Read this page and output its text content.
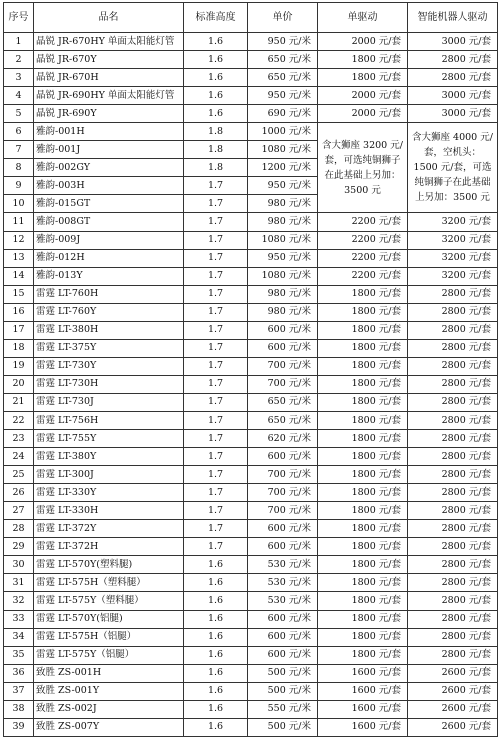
序号	品名	标准高度	单价	单驱动	智能机器人驱动
1	晶锐 JR-670HY 单面太阳能灯管	1.6	950 元/米	2000 元/套	3000 元/套
2	晶锐 JR-670Y	1.6	650 元/米	1800 元/套	2800 元/套
3	晶锐 JR-670H	1.6	650 元/米	1800 元/套	2800 元/套
4	晶锐 JR-690HY 单面太阳能灯管	1.6	950 元/米	2000 元/套	3000 元/套
5	晶锐 JR-690Y	1.6	690 元/米	2000 元/套	3000 元/套
6	雅韵-001H	1.8	1000 元/米	含大狮座 3200 元/套，可选纯铜狮子在此基础上另加：3500 元	含大狮座 4000 元/套，空机头：1500 元/套，可选纯铜狮子在此基础上另加：3500 元
7	雅韵-001J	1.8	1080 元/米		
8	雅韵-002GY	1.8	1200 元/米		
9	雅韵-003H	1.7	950 元/米		
10	雅韵-015GT	1.7	980 元/米		
11	雅韵-008GT	1.7	980 元/米	2200 元/套	3200 元/套
12	雅韵-009J	1.7	1080 元/米	2200 元/套	3200 元/套
13	雅韵-012H	1.7	950 元/米	2200 元/套	3200 元/套
14	雅韵-013Y	1.7	1080 元/米	2200 元/套	3200 元/套
15	雷霆 LT-760H	1.7	980 元/米	1800 元/套	2800 元/套
16	雷霆 LT-760Y	1.7	980 元/米	1800 元/套	2800 元/套
17	雷霆 LT-380H	1.7	600 元/米	1800 元/套	2800 元/套
18	雷霆 LT-375Y	1.7	600 元/米	1800 元/套	2800 元/套
19	雷霆 LT-730Y	1.7	700 元/米	1800 元/套	2800 元/套
20	雷霆 LT-730H	1.7	700 元/米	1800 元/套	2800 元/套
21	雷霆 LT-730J	1.7	650 元/米	1800 元/套	2800 元/套
22	雷霆 LT-756H	1.7	650 元/米	1800 元/套	2800 元/套
23	雷霆 LT-755Y	1.7	620 元/米	1800 元/套	2800 元/套
24	雷霆 LT-380Y	1.7	600 元/米	1800 元/套	2800 元/套
25	雷霆 LT-300J	1.7	700 元/米	1800 元/套	2800 元/套
26	雷霆 LT-330Y	1.7	700 元/米	1800 元/套	2800 元/套
27	雷霆 LT-330H	1.7	700 元/米	1800 元/套	2800 元/套
28	雷霆 LT-372Y	1.7	600 元/米	1800 元/套	2800 元/套
29	雷霆 LT-372H	1.7	600 元/米	1800 元/套	2800 元/套
30	雷霆 LT-570Y(塑料腿)	1.6	530 元/米	1800 元/套	2800 元/套
31	雷霆 LT-575H（塑料腿）	1.6	530 元/米	1800 元/套	2800 元/套
32	雷霆 LT-575Y（塑料腿）	1.6	530 元/米	1800 元/套	2800 元/套
33	雷霆 LT-570Y(铝腿)	1.6	600 元/米	1800 元/套	2800 元/套
34	雷霆 LT-575H（铝腿）	1.6	600 元/米	1800 元/套	2800 元/套
35	雷霆 LT-575Y（铝腿）	1.6	600 元/米	1800 元/套	2800 元/套
36	致胜 ZS-001H	1.6	500 元/米	1600 元/套	2600 元/套
37	致胜 ZS-001Y	1.6	500 元/米	1600 元/套	2600 元/套
38	致胜 ZS-002J	1.6	550 元/米	1600 元/套	2600 元/套
39	致胜 ZS-007Y	1.6	500 元/米	1600 元/套	2600 元/套
